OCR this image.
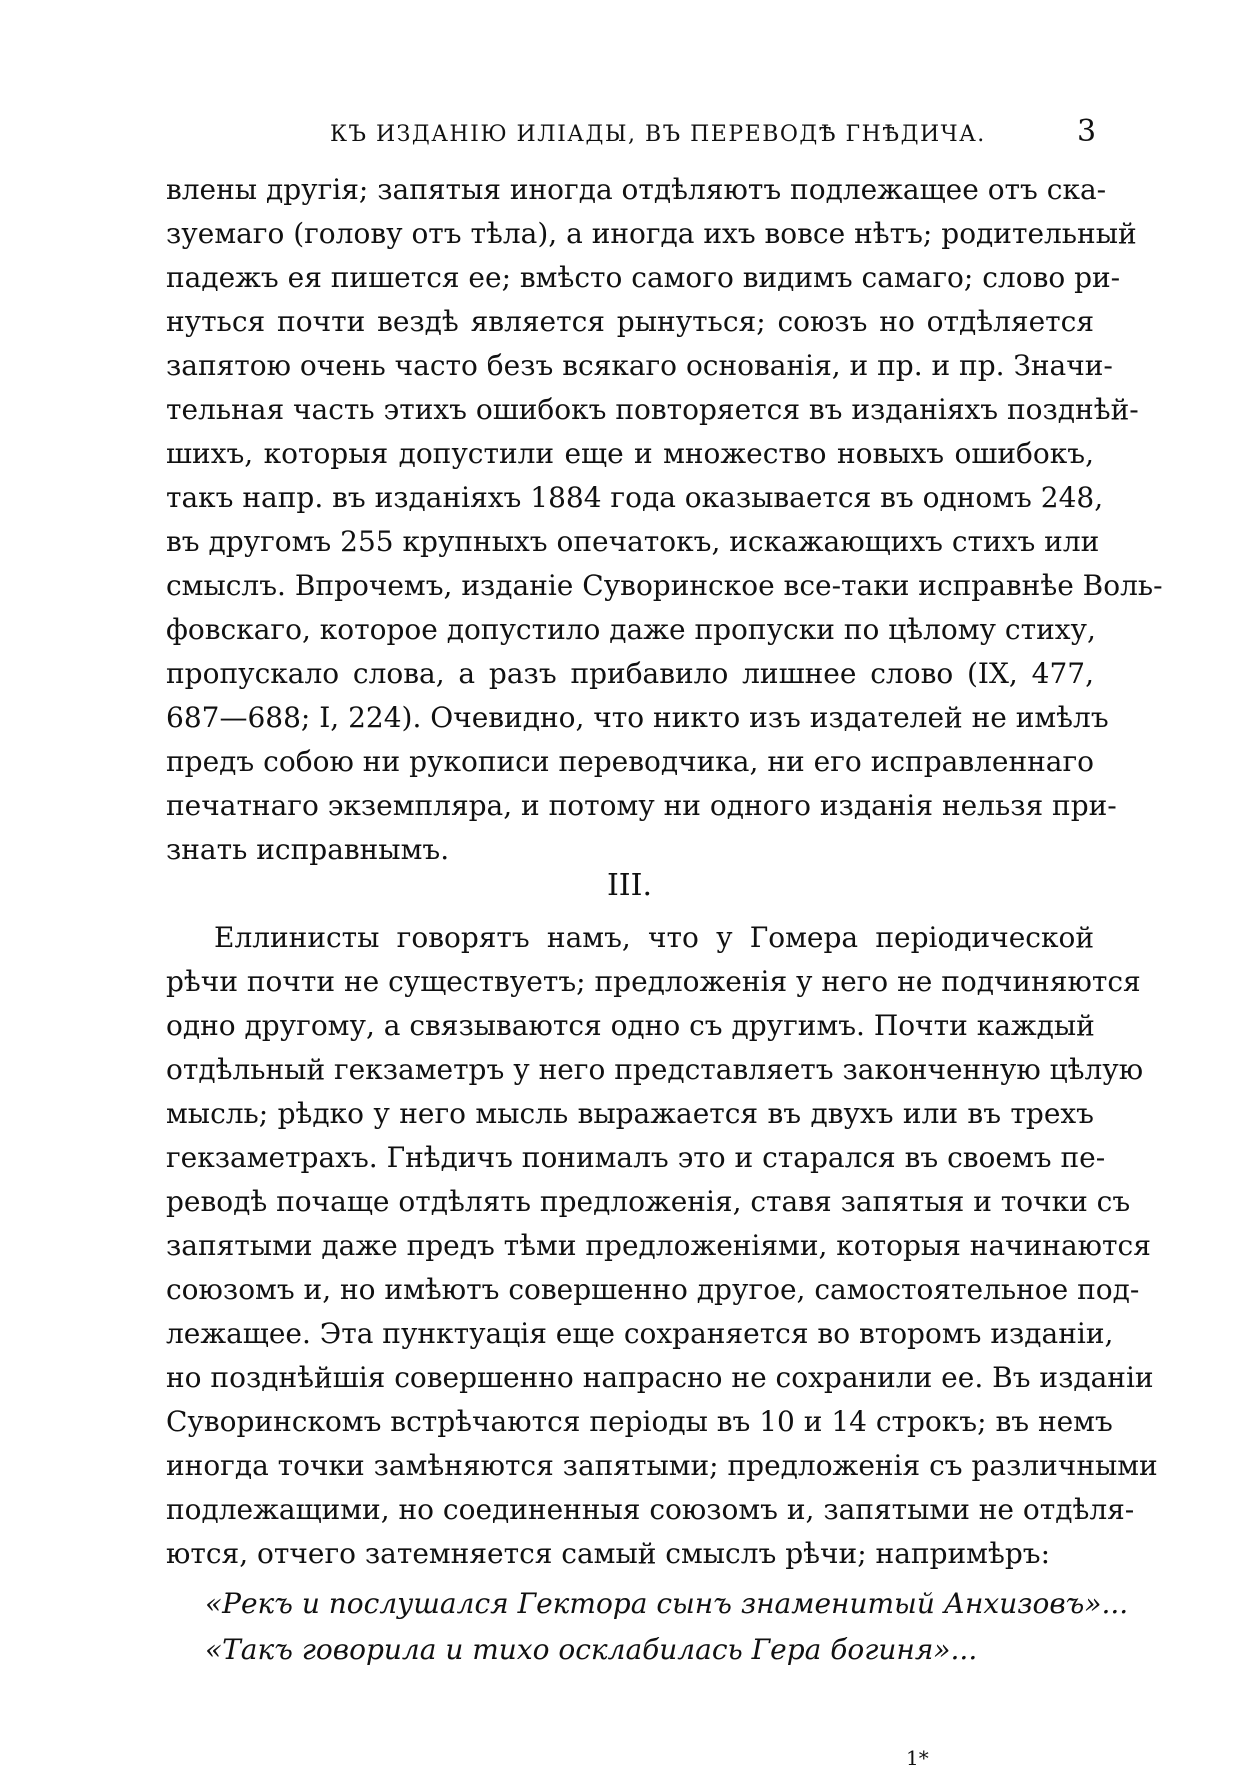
КЪ ИЗДАНІЮ ИЛІАДЫ, ВЪ ПЕРЕВОДѢ ГНѢДИЧА.	3
влены другія; запятыя иногда отдѣляютъ подлежащее отъ ска-
зуемаго (голову отъ тѣла), а иногда ихъ вовсе нѣтъ; родительный
падежъ ея пишется ее; вмѣсто самого видимъ самаго; слово ри-
нуться почти вездѣ является рынуться; союзъ но отдѣляется
запятою очень часто безъ всякаго основанія, и пр. и пр. Значи-
тельная часть этихъ ошибокъ повторяется въ изданіяхъ позднѣй-
шихъ, которыя допустили еще и множество новыхъ ошибокъ,
такъ напр. въ изданіяхъ 1884 года оказывается въ одномъ 248,
въ другомъ 255 крупныхъ опечатокъ, искажающихъ стихъ или
смыслъ. Впрочемъ, изданіе Суворинское все-таки исправнѣе Воль-
фовскаго, которое допустило даже пропуски по цѣлому стиху,
пропускало слова, а разъ прибавило лишнее слово (IX, 477,
687—688; I, 224). Очевидно, что никто изъ издателей не имѣлъ
предъ собою ни рукописи переводчика, ни его исправленнаго
печатнаго экземпляра, и потому ни одного изданія нельзя при-
знать исправнымъ.
III.
Еллинисты говорятъ намъ, что у Гомера періодической
рѣчи почти не существуетъ; предложенія у него не подчиняются
одно другому, а связываются одно съ другимъ. Почти каждый
отдѣльный гекзаметръ у него представляетъ законченную цѣлую
мысль; рѣдко у него мысль выражается въ двухъ или въ трехъ
гекзаметрахъ. Гнѣдичъ понималъ это и старался въ своемъ пе-
реводѣ почаще отдѣлять предложенія, ставя запятыя и точки съ
запятыми даже предъ тѣми предложеніями, которыя начинаются
союзомъ и, но имѣютъ совершенно другое, самостоятельное под-
лежащее. Эта пунктуація еще сохраняется во второмъ изданіи,
но позднѣйшія совершенно напрасно не сохранили ее. Въ изданіи
Суворинскомъ встрѣчаются періоды въ 10 и 14 строкъ; въ немъ
иногда точки замѣняются запятыми; предложенія съ различными
подлежащими, но соединенныя союзомъ и, запятыми не отдѣля-
ются, отчего затемняется самый смыслъ рѣчи; напримѣръ:
«Рекъ и послушался Гектора сынъ знаменитый Анхизовъ»...
«Такъ говорила и тихо осклабилась Гера богиня»...
1*
